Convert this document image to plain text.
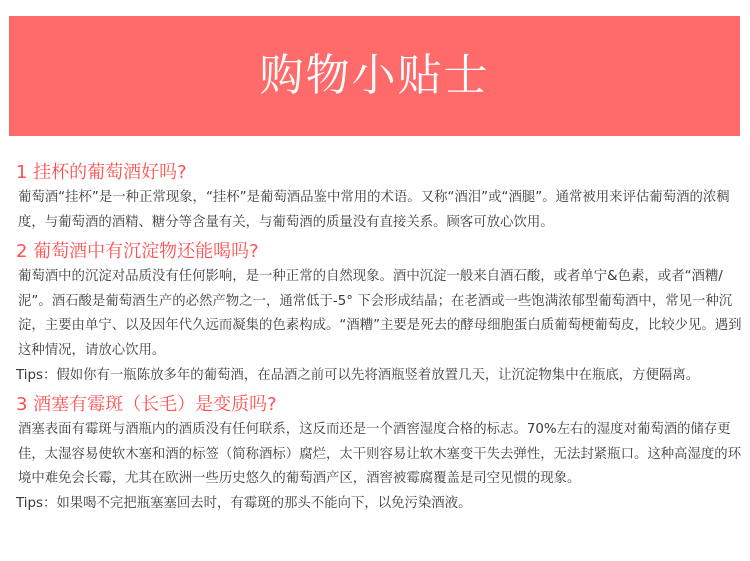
购物小贴士
1 挂杯的葡萄酒好吗?

葡萄酒“挂杯”是一种正常现象，“挂杯”是葡萄酒品鉴中常用的术语。又称“酒泪”或“酒腿”。通常被用来评估葡萄酒的浓稠度，与葡萄酒的酒精、糖分等含量有关，与葡萄酒的质量没有直接关系。顾客可放心饮用。

2 葡萄酒中有沉淀物还能喝吗?

葡萄酒中的沉淀对品质没有任何影响，是一种正常的自然现象。酒中沉淀一般来自酒石酸，或者单宁&色素，或者“酒糟/泥”。酒石酸是葡萄酒生产的必然产物之一，通常低于-5° 下会形成结晶；在老酒或一些饱满浓郁型葡萄酒中，常见一种沉淀，主要由单宁、以及因年代久远而凝集的色素构成。“酒糟”主要是死去的酵母细胞蛋白质葡萄梗葡萄皮，比较少见。遇到这种情况，请放心饮用。

Tips：假如你有一瓶陈放多年的葡萄酒，在品酒之前可以先将酒瓶竖着放置几天，让沉淀物集中在瓶底，方便隔离。

3 酒塞有霉斑（长毛）是变质吗?

酒塞表面有霉斑与酒瓶内的酒质没有任何联系，这反而还是一个酒窖湿度合格的标志。70%左右的湿度对葡萄酒的储存更佳，太湿容易使软木塞和酒的标签（简称酒标）腐烂，太干则容易让软木塞变干失去弹性，无法封紧瓶口。这种高湿度的环境中难免会长霉，尤其在欧洲一些历史悠久的葡萄酒产区，酒窖被霉腐覆盖是司空见惯的现象。

Tips：如果喝不完把瓶塞塞回去时，有霉斑的那头不能向下，以免污染酒液。
